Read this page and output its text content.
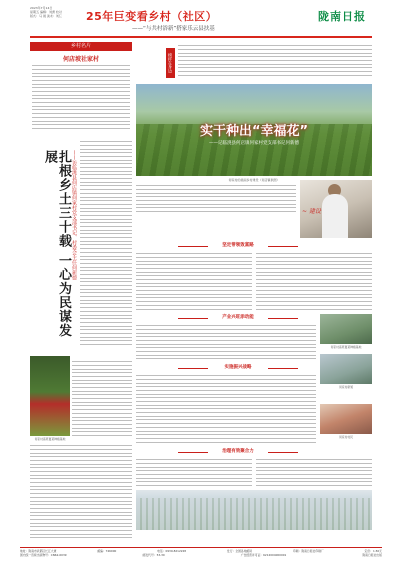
2023年7月14日
星期五 编辑：刘源 校对
版式：马 晨 美术：刘仨	25年巨变看乡村（社区）
——“与共村浴新”搭家乐云县扶基
陇南日报
乡村名片
何店坡社家村
扎根乡土三十载 一心为民谋发展	——访临洮县何店镇何家村党支部书记、村委会主任何新德
何家村高原夏菜种植基地
榜样在身边
实干种出“幸福花”
——记临洮县何店镇何家村党支部书记何新德
何家村的美丽乡村建设（何店镇供图）
~ 建设
坚定带领致富路
产业兴旺添动能
何家村高原夏菜种植基地
实施振兴战略
何家村新貌
何家村村民
治理有效聚合力
地址：陇南市武都区长江大道	邮编：746000	电话：0939-8212228	发行：全国各地邮局	印刷：陇南日报社印刷厂	定价：1.50元
国内统一连续出版物号：CN62-0039	邮发代号：53-30	广告经营许可证：6212004000001	陇南日报社出版
